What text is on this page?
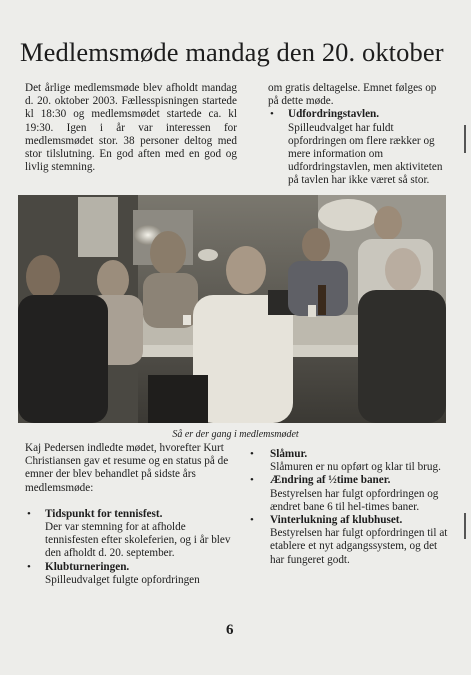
Medlemsmøde mandag den 20. oktober

Det årlige medlemsmøde blev afholdt mandag d. 20. oktober 2003. Fællesspisningen startede kl 18:30 og medlemsmødet startede ca. kl 19:30. Igen i år var interessen for medlemsmødet stor. 38 personer deltog med stor tilslutning. En god aften med en god og livlig stemning.

om gratis deltagelse. Emnet følges op på dette møde.

• Udfordringstavlen.
Spilleudvalget har fuldt opfordringen om flere rækker og mere information om udfordringstavlen, men aktiviteten på tavlen har ikke været så stor.
Så er der gang i medlemsmødet

Kaj Pedersen indledte mødet, hvorefter Kurt Christiansen gav et resume og en status på de emner der blev behandlet på sidste års medlemsmøde:

• Tidspunkt for tennisfest.
Der var stemning for at afholde tennisfesten efter skoleferien, og i år blev den afholdt d. 20. september.
• Klubturneringen.
Spilleudvalget fulgte opfordringen
• Slåmur.
Slåmuren er nu opført og klar til brug.
• Ændring af ½time baner.
Bestyrelsen har fulgt opfordringen og ændret bane 6 til hel-times baner.
• Vinterlukning af klubhuset.
Bestyrelsen har fulgt opfordringen til at etablere et nyt adgangssystem, og det har fungeret godt.
6
